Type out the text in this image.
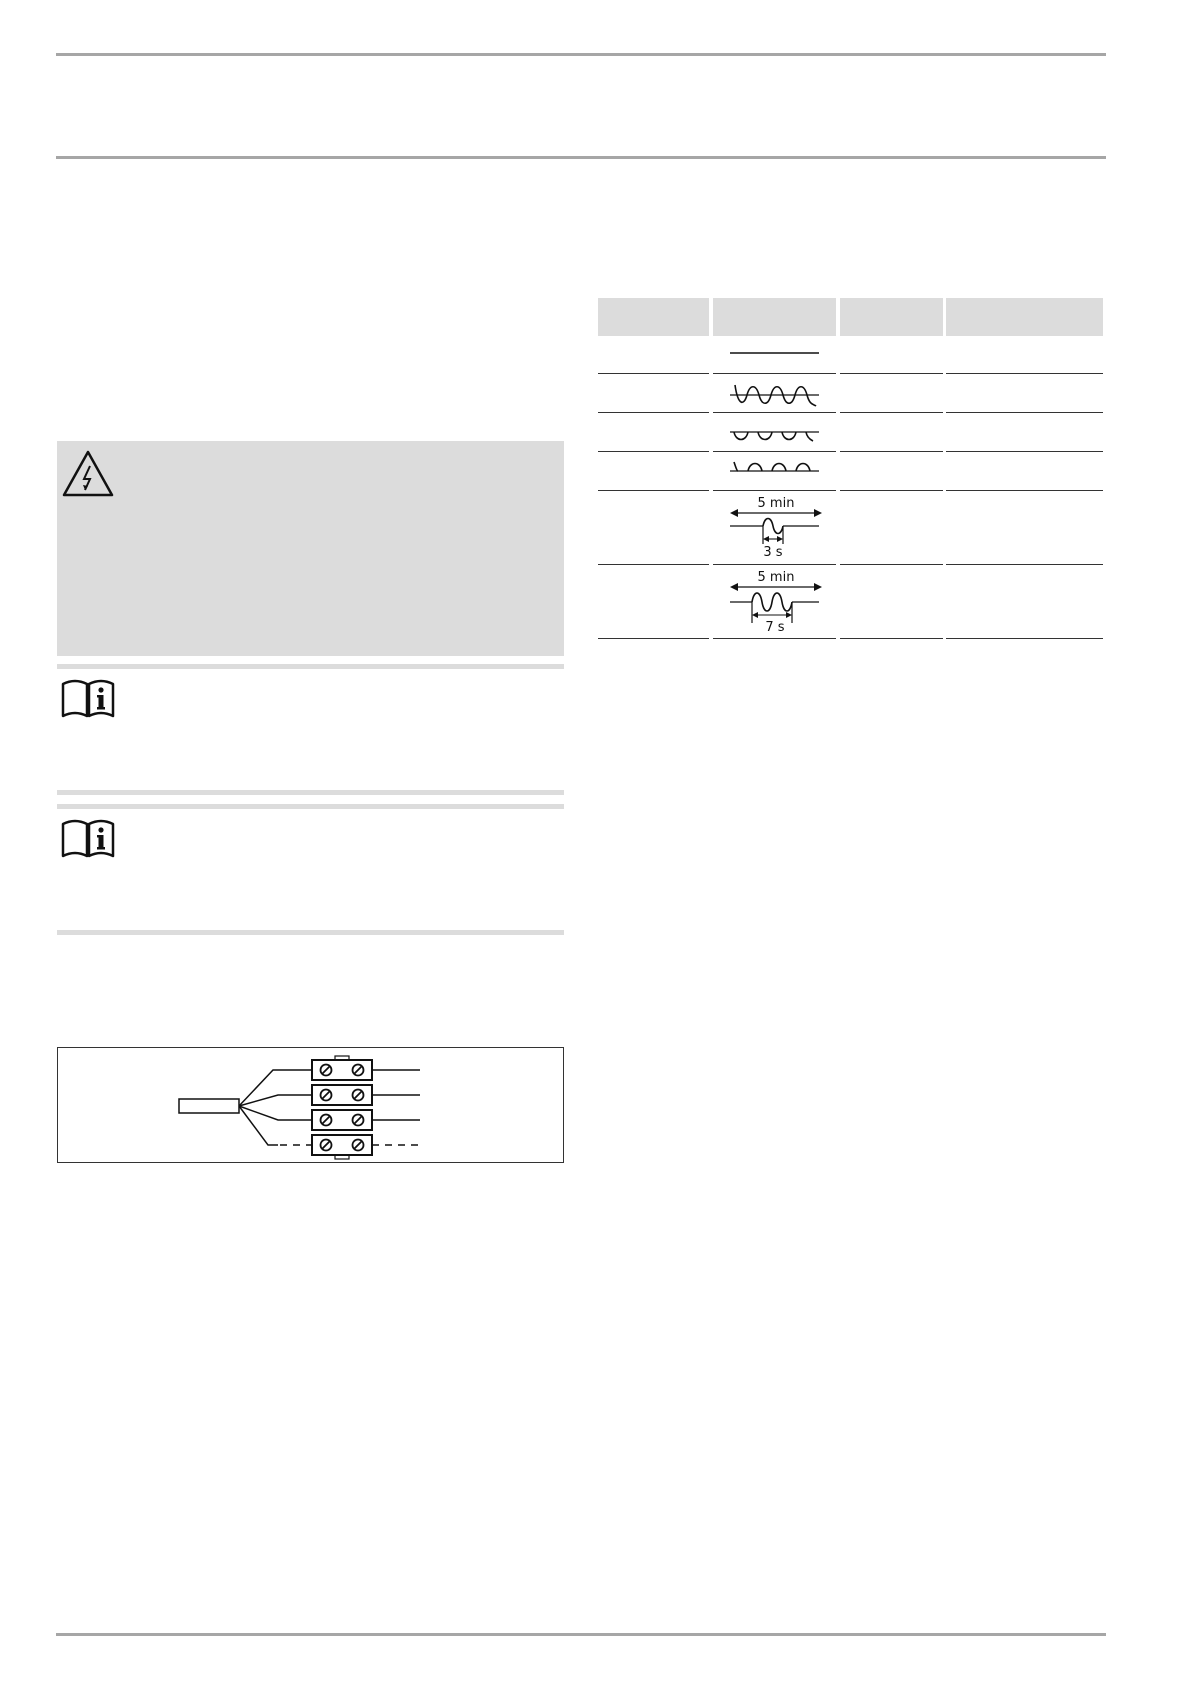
5 min
3 s
5 min
7 s
